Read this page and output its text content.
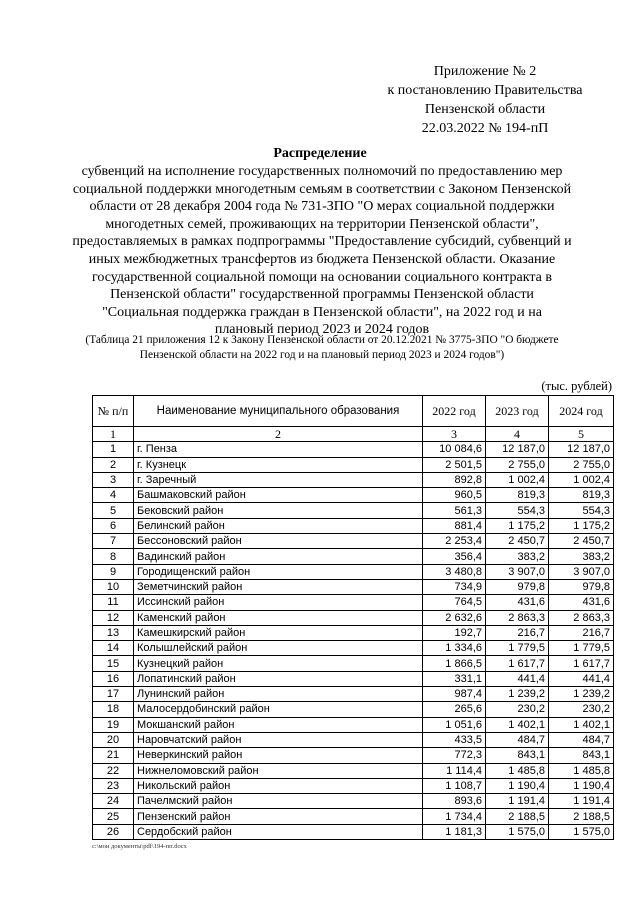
Приложение № 2
к постановлению Правительства
Пензенской области
22.03.2022 № 194-пП
Распределение
субвенций на исполнение государственных полномочий по предоставлению мер социальной поддержки многодетным семьям в соответствии с Законом Пензенской области от 28 декабря 2004 года № 731-ЗПО "О мерах социальной поддержки многодетных семей, проживающих на территории Пензенской области", предоставляемых в рамках подпрограммы "Предоставление субсидий, субвенций и иных межбюджетных трансфертов из бюджета Пензенской области. Оказание государственной социальной помощи на основании социального контракта в Пензенской области" государственной программы Пензенской области "Социальная поддержка граждан в Пензенской области", на 2022 год и на плановый период 2023 и 2024 годов
(Таблица 21 приложения 12 к Закону Пензенской области от 20.12.2021 № 3775-ЗПО "О бюджете Пензенской области на 2022 год и на плановый период 2023 и 2024 годов")
(тыс. рублей)
№ п/п	Наименование муниципального образования	2022 год	2023 год	2024 год
1	2	3	4	5
1	г. Пенза	10 084,6	12 187,0	12 187,0
2	г. Кузнецк	2 501,5	2 755,0	2 755,0
3	г. Заречный	892,8	1 002,4	1 002,4
4	Башмаковский район	960,5	819,3	819,3
5	Бековский район	561,3	554,3	554,3
6	Белинский район	881,4	1 175,2	1 175,2
7	Бессоновский район	2 253,4	2 450,7	2 450,7
8	Вадинский район	356,4	383,2	383,2
9	Городищенский район	3 480,8	3 907,0	3 907,0
10	Земетчинский район	734,9	979,8	979,8
11	Иссинский район	764,5	431,6	431,6
12	Каменский район	2 632,6	2 863,3	2 863,3
13	Камешкирский район	192,7	216,7	216,7
14	Колышлейский район	1 334,6	1 779,5	1 779,5
15	Кузнецкий район	1 866,5	1 617,7	1 617,7
16	Лопатинский район	331,1	441,4	441,4
17	Лунинский район	987,4	1 239,2	1 239,2
18	Малосердобинский район	265,6	230,2	230,2
19	Мокшанский район	1 051,6	1 402,1	1 402,1
20	Наровчатский район	433,5	484,7	484,7
21	Неверкинский район	772,3	843,1	843,1
22	Нижнеломовский район	1 114,4	1 485,8	1 485,8
23	Никольский район	1 108,7	1 190,4	1 190,4
24	Пачелмский район	893,6	1 191,4	1 191,4
25	Пензенский район	1 734,4	2 188,5	2 188,5
26	Сердобский район	1 181,3	1 575,0	1 575,0
c:\мои документы\pdf\194-пп.docx
